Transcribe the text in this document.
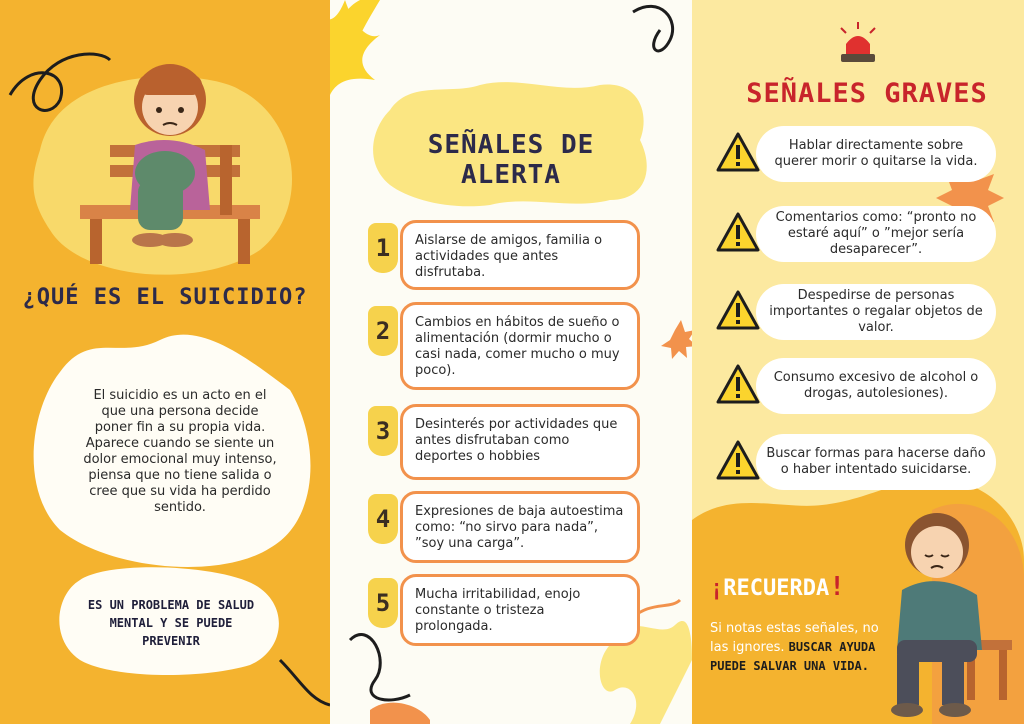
¿QUÉ ES EL SUICIDIO?
El suicidio es un acto en el que una persona decide poner fin a su propia vida. Aparece cuando se siente un dolor emocional muy intenso, piensa que no tiene salida o cree que su vida ha perdido sentido.
ES UN PROBLEMA DE SALUD MENTAL Y SE PUEDE PREVENIR
SEÑALES DE ALERTA
1	Aislarse de amigos, familia o actividades que antes disfrutaba.
2	Cambios en hábitos de sueño o alimentación (dormir mucho o casi nada, comer mucho o muy poco).
3	Desinterés por actividades que antes disfrutaban como deportes o hobbies
4	Expresiones de baja autoestima como: “no sirvo para nada”, ”soy una carga”.
5	Mucha irritabilidad, enojo constante o tristeza prolongada.
SEÑALES GRAVES
Hablar directamente sobre querer morir o quitarse la vida.
Comentarios como: “pronto no estaré aquí” o ”mejor sería desaparecer”.
Despedirse de personas importantes o regalar objetos de valor.
Consumo excesivo de alcohol o drogas, autolesiones).
Buscar formas para hacerse daño o haber intentado suicidarse.
¡RECUERDA!
Si notas estas señales, no las ignores. BUSCAR AYUDA PUEDE SALVAR UNA VIDA.
